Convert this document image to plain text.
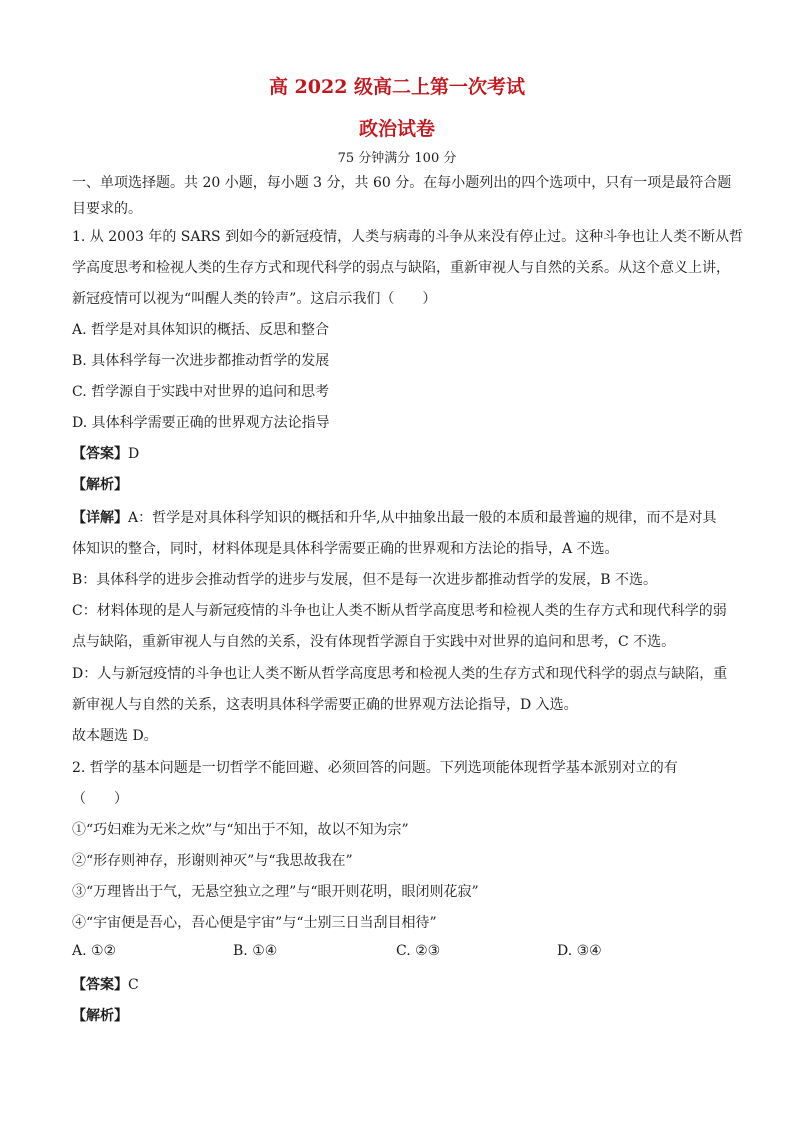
高 2022 级高二上第一次考试
政治试卷
75 分钟满分 100 分
一、单项选择题。共 20 小题，每小题 3 分，共 60 分。在每小题列出的四个选项中，只有一项是最符合题
目要求的。
1. 从 2003 年的 SARS 到如今的新冠疫情，人类与病毒的斗争从来没有停止过。这种斗争也让人类不断从哲
学高度思考和检视人类的生存方式和现代科学的弱点与缺陷，重新审视人与自然的关系。从这个意义上讲，
新冠疫情可以视为“叫醒人类的铃声”。这启示我们（　　）
A. 哲学是对具体知识的概括、反思和整合
B. 具体科学每一次进步都推动哲学的发展
C. 哲学源自于实践中对世界的追问和思考
D. 具体科学需要正确的世界观方法论指导
【答案】D
【解析】
【详解】A：哲学是对具体科学知识的概括和升华,从中抽象出最一般的本质和最普遍的规律，而不是对具
体知识的整合，同时，材料体现是具体科学需要正确的世界观和方法论的指导，A 不选。
B：具体科学的进步会推动哲学的进步与发展，但不是每一次进步都推动哲学的发展，B 不选。
C：材料体现的是人与新冠疫情的斗争也让人类不断从哲学高度思考和检视人类的生存方式和现代科学的弱
点与缺陷，重新审视人与自然的关系，没有体现哲学源自于实践中对世界的追问和思考，C 不选。
D：人与新冠疫情的斗争也让人类不断从哲学高度思考和检视人类的生存方式和现代科学的弱点与缺陷，重
新审视人与自然的关系，这表明具体科学需要正确的世界观方法论指导，D 入选。
故本题选 D。
2. 哲学的基本问题是一切哲学不能回避、必须回答的问题。下列选项能体现哲学基本派别对立的有
（　　）
①“巧妇难为无米之炊”与“知出于不知，故以不知为宗”
②“形存则神存，形谢则神灭”与“我思故我在”
③“万理皆出于气，无悬空独立之理”与“眼开则花明，眼闭则花寂”
④“宇宙便是吾心，吾心便是宇宙”与“士别三日当刮目相待”
A. ①②	B. ①④	C. ②③	D. ③④
【答案】C
【解析】
